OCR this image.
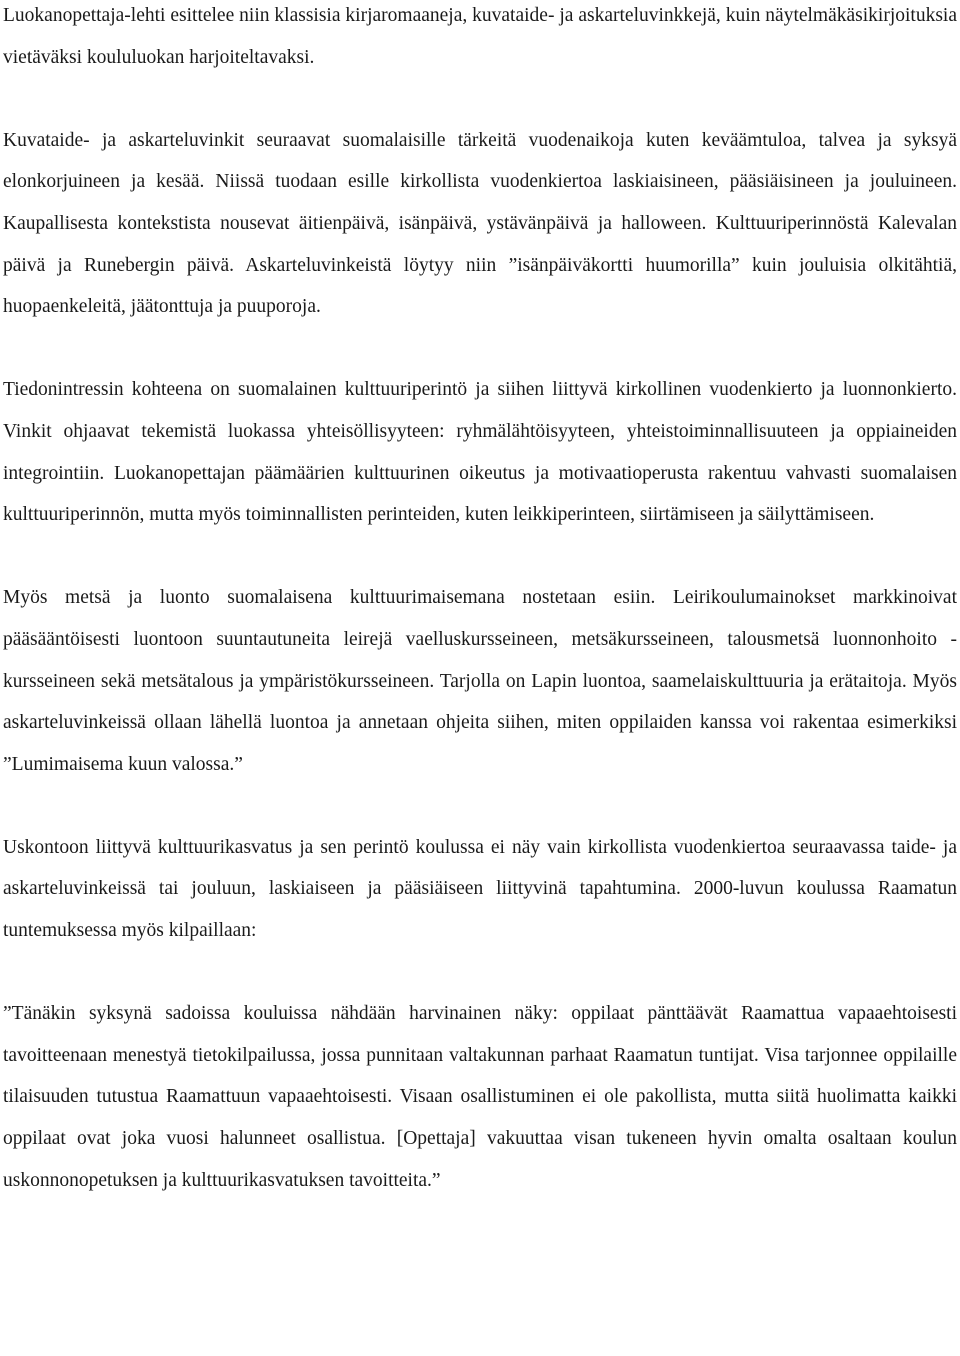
Luokanopettaja-lehti esittelee niin klassisia kirjaromaaneja, kuvataide- ja askarteluvinkkejä, kuin näytelmäkäsikirjoituksia vietäväksi koululuokan harjoiteltavaksi.

Kuvataide- ja askarteluvinkit seuraavat suomalaisille tärkeitä vuodenaikoja kuten keväämtuloa, talvea ja syksyä elonkorjuineen ja kesää. Niissä tuodaan esille kirkollista vuodenkiertoa laskiaisineen, pääsiäisineen ja jouluineen. Kaupallisesta kontekstista nousevat äitienpäivä, isänpäivä, ystävänpäivä ja halloween. Kulttuuriperinnöstä Kalevalan päivä ja Runebergin päivä. Askarteluvinkeistä löytyy niin ”isänpäiväkortti huumorilla” kuin jouluisia olkitähtiä, huopaenkeleitä, jäätonttuja ja puuporoja.

Tiedonintressin kohteena on suomalainen kulttuuriperintö ja siihen liittyvä kirkollinen vuodenkierto ja luonnonkierto. Vinkit ohjaavat tekemistä luokassa yhteisöllisyyteen: ryhmälähtöisyyteen, yhteistoiminnallisuuteen ja oppiaineiden integrointiin. Luokanopettajan päämäärien kulttuurinen oikeutus ja motivaatioperusta rakentuu vahvasti suomalaisen kulttuuriperinnön, mutta myös toiminnallisten perinteiden, kuten leikkiperinteen, siirtämiseen ja säilyttämiseen.

Myös metsä ja luonto suomalaisena kulttuurimaisemana nostetaan esiin. Leirikoulumainokset markkinoivat pääsääntöisesti luontoon suuntautuneita leirejä vaelluskursseineen, metsäkursseineen, talousmetsä luonnonhoito -kursseineen sekä metsätalous ja ympäristökursseineen. Tarjolla on Lapin luontoa, saamelaiskulttuuria ja erätaitoja. Myös askarteluvinkeissä ollaan lähellä luontoa ja annetaan ohjeita siihen, miten oppilaiden kanssa voi rakentaa esimerkiksi ”Lumimaisema kuun valossa.”

Uskontoon liittyvä kulttuurikasvatus ja sen perintö koulussa ei näy vain kirkollista vuodenkiertoa seuraavassa taide- ja askarteluvinkeissä tai jouluun, laskiaiseen ja pääsiäiseen liittyvinä tapahtumina. 2000-luvun koulussa Raamatun tuntemuksessa myös kilpaillaan:

”Tänäkin syksynä sadoissa kouluissa nähdään harvinainen näky: oppilaat pänttäävät Raamattua vapaaehtoisesti tavoitteenaan menestyä tietokilpailussa, jossa punnitaan valtakunnan parhaat Raamatun tuntijat. Visa tarjonnee oppilaille tilaisuuden tutustua Raamattuun vapaaehtoisesti. Visaan osallistuminen ei ole pakollista, mutta siitä huolimatta kaikki oppilaat ovat joka vuosi halunneet osallistua. [Opettaja] vakuuttaa visan tukeneen hyvin omalta osaltaan koulun uskonnonopetuksen ja kulttuurikasvatuksen tavoitteita.”
